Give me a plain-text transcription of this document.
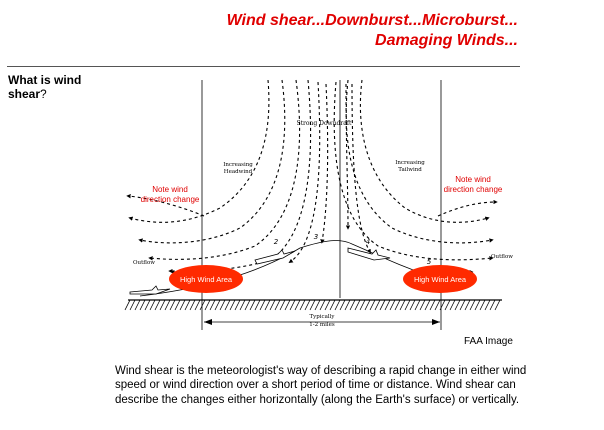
Wind shear...Downburst...Microburst...
Damaging Winds...
What is wind shear?
Strong Downdraft
Increasing
Headwind
Increasing
Tailwind
Outflow
Outflow
Typically
1-2 miles
2
3
4
5
Note wind
direction change
Note wind
direction change
High Wind Area	High Wind Area
FAA Image
Wind shear is the meteorologist's way of describing a rapid change in either wind speed or wind direction over a short period of time or distance. Wind shear can describe the changes either horizontally (along the Earth's surface) or vertically.
